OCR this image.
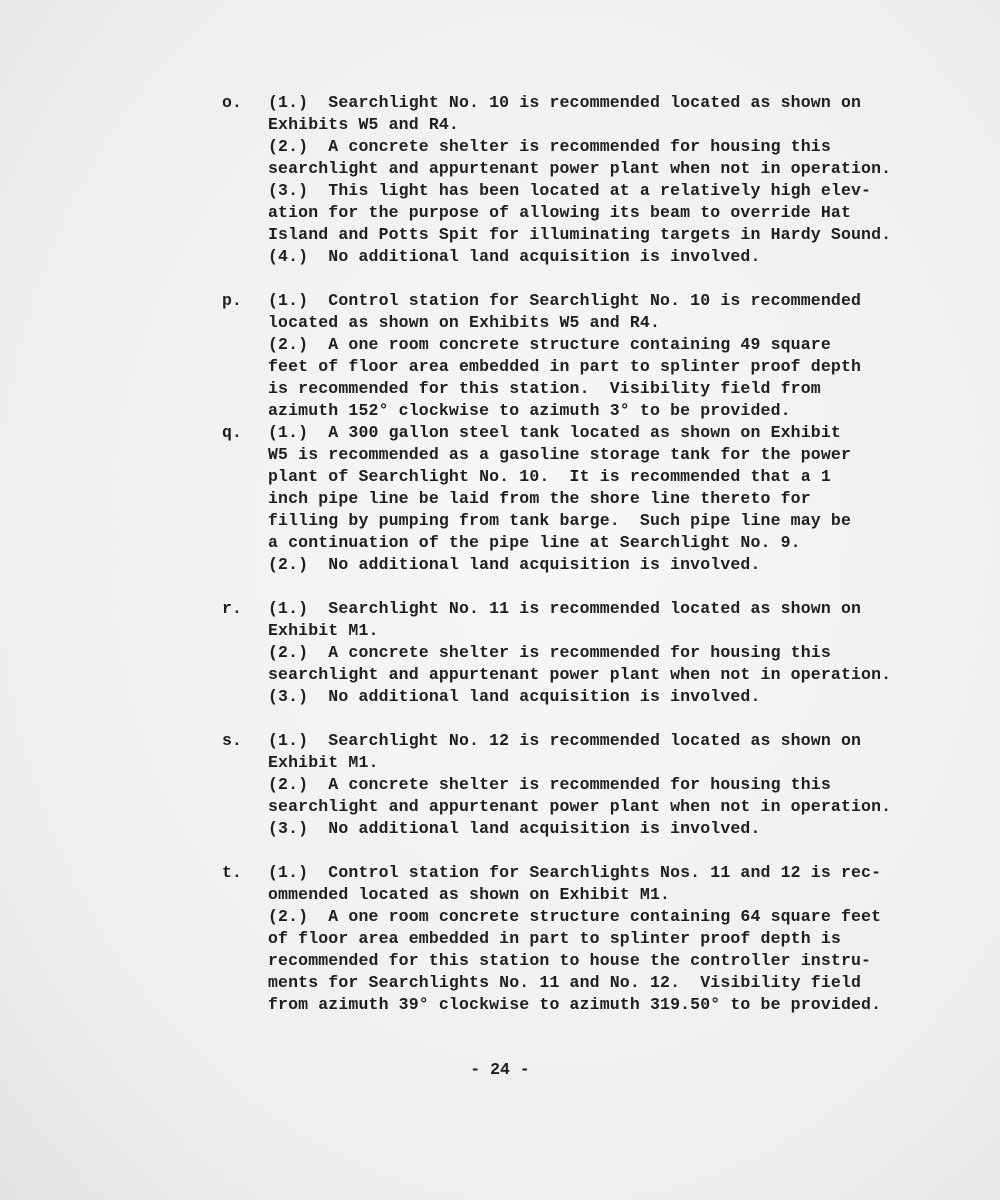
o.	(1.)  Searchlight No. 10 is recommended located as shown on
Exhibits W5 and R4.
(2.)  A concrete shelter is recommended for housing this
searchlight and appurtenant power plant when not in operation.
(3.)  This light has been located at a relatively high elev-
ation for the purpose of allowing its beam to override Hat
Island and Potts Spit for illuminating targets in Hardy Sound.
(4.)  No additional land acquisition is involved.
p.	(1.)  Control station for Searchlight No. 10 is recommended
located as shown on Exhibits W5 and R4.
(2.)  A one room concrete structure containing 49 square
feet of floor area embedded in part to splinter proof depth
is recommended for this station.  Visibility field from
azimuth 152° clockwise to azimuth 3° to be provided.
q.	(1.)  A 300 gallon steel tank located as shown on Exhibit
W5 is recommended as a gasoline storage tank for the power
plant of Searchlight No. 10.  It is recommended that a 1
inch pipe line be laid from the shore line thereto for
filling by pumping from tank barge.  Such pipe line may be
a continuation of the pipe line at Searchlight No. 9.
(2.)  No additional land acquisition is involved.
r.	(1.)  Searchlight No. 11 is recommended located as shown on
Exhibit M1.
(2.)  A concrete shelter is recommended for housing this
searchlight and appurtenant power plant when not in operation.
(3.)  No additional land acquisition is involved.
s.	(1.)  Searchlight No. 12 is recommended located as shown on
Exhibit M1.
(2.)  A concrete shelter is recommended for housing this
searchlight and appurtenant power plant when not in operation.
(3.)  No additional land acquisition is involved.
t.	(1.)  Control station for Searchlights Nos. 11 and 12 is rec-
ommended located as shown on Exhibit M1.
(2.)  A one room concrete structure containing 64 square feet
of floor area embedded in part to splinter proof depth is
recommended for this station to house the controller instru-
ments for Searchlights No. 11 and No. 12.  Visibility field
from azimuth 39° clockwise to azimuth 319.50° to be provided.
- 24 -
